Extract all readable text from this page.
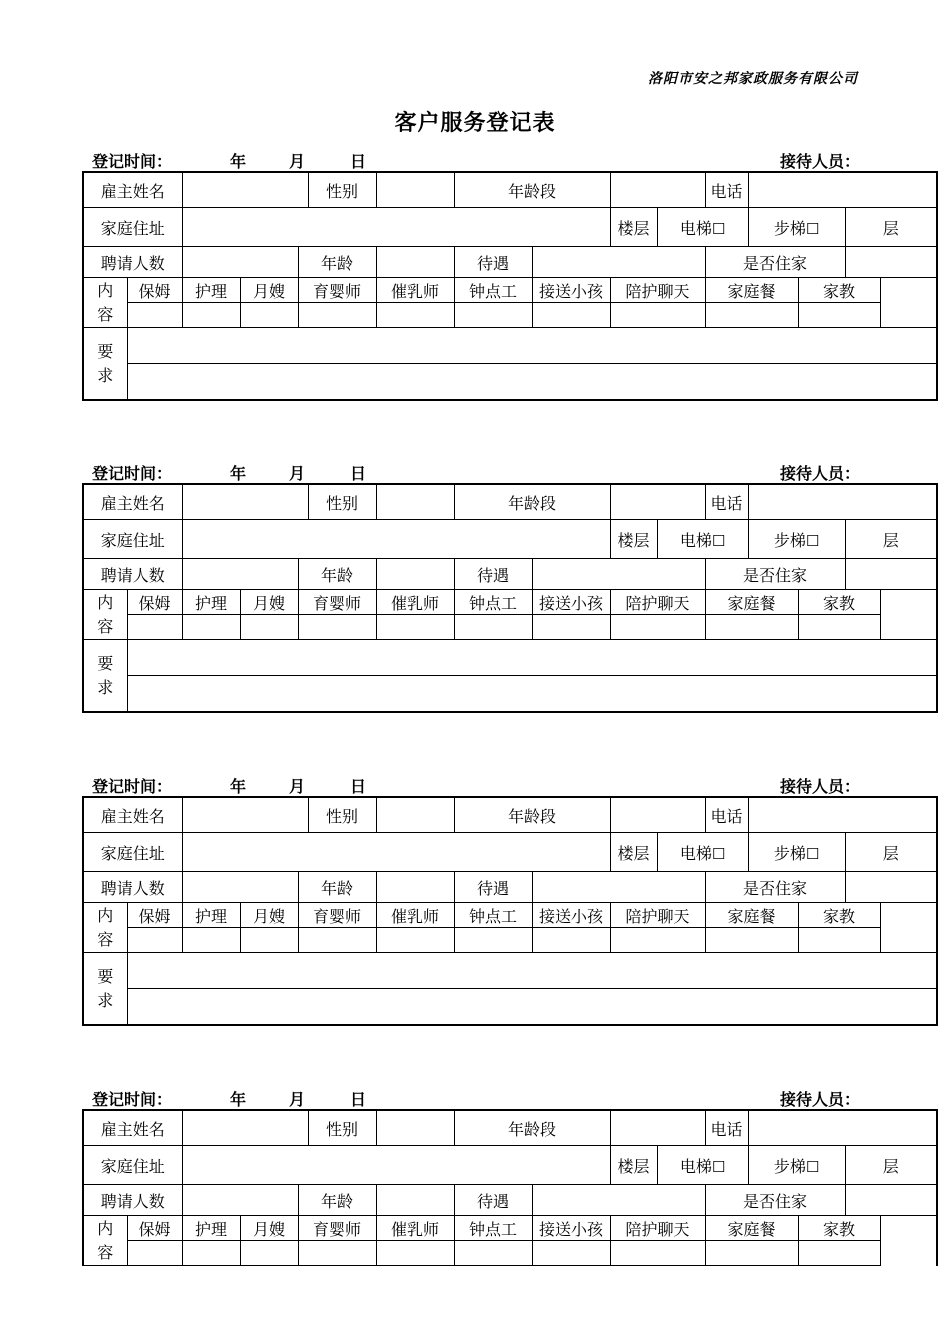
洛阳市安之邦家政服务有限公司
客户服务登记表
登记时间：	年	月	日	接待人员：
雇主姓名					性别		年龄段				电话			
家庭住址									楼层	电梯☐		步梯☐		层
聘请人数				年龄			待遇				是否住家			
内
容	保姆	护理	月嫂	育婴师		催乳师	钟点工	接送小孩	陪护聊天		家庭餐		家教	

要
求														

登记时间：	年	月	日	接待人员：
雇主姓名					性别		年龄段				电话			
家庭住址									楼层	电梯☐		步梯☐		层
聘请人数				年龄			待遇				是否住家			
内
容	保姆	护理	月嫂	育婴师		催乳师	钟点工	接送小孩	陪护聊天		家庭餐		家教	

要
求														

登记时间：	年	月	日	接待人员：
雇主姓名					性别		年龄段				电话			
家庭住址									楼层	电梯☐		步梯☐		层
聘请人数				年龄			待遇				是否住家			
内
容	保姆	护理	月嫂	育婴师		催乳师	钟点工	接送小孩	陪护聊天		家庭餐		家教	

要
求														

登记时间：	年	月	日	接待人员：
雇主姓名					性别		年龄段				电话			
家庭住址									楼层	电梯☐		步梯☐		层
聘请人数				年龄			待遇				是否住家			
内
容	保姆	护理	月嫂	育婴师		催乳师	钟点工	接送小孩	陪护聊天		家庭餐		家教	
